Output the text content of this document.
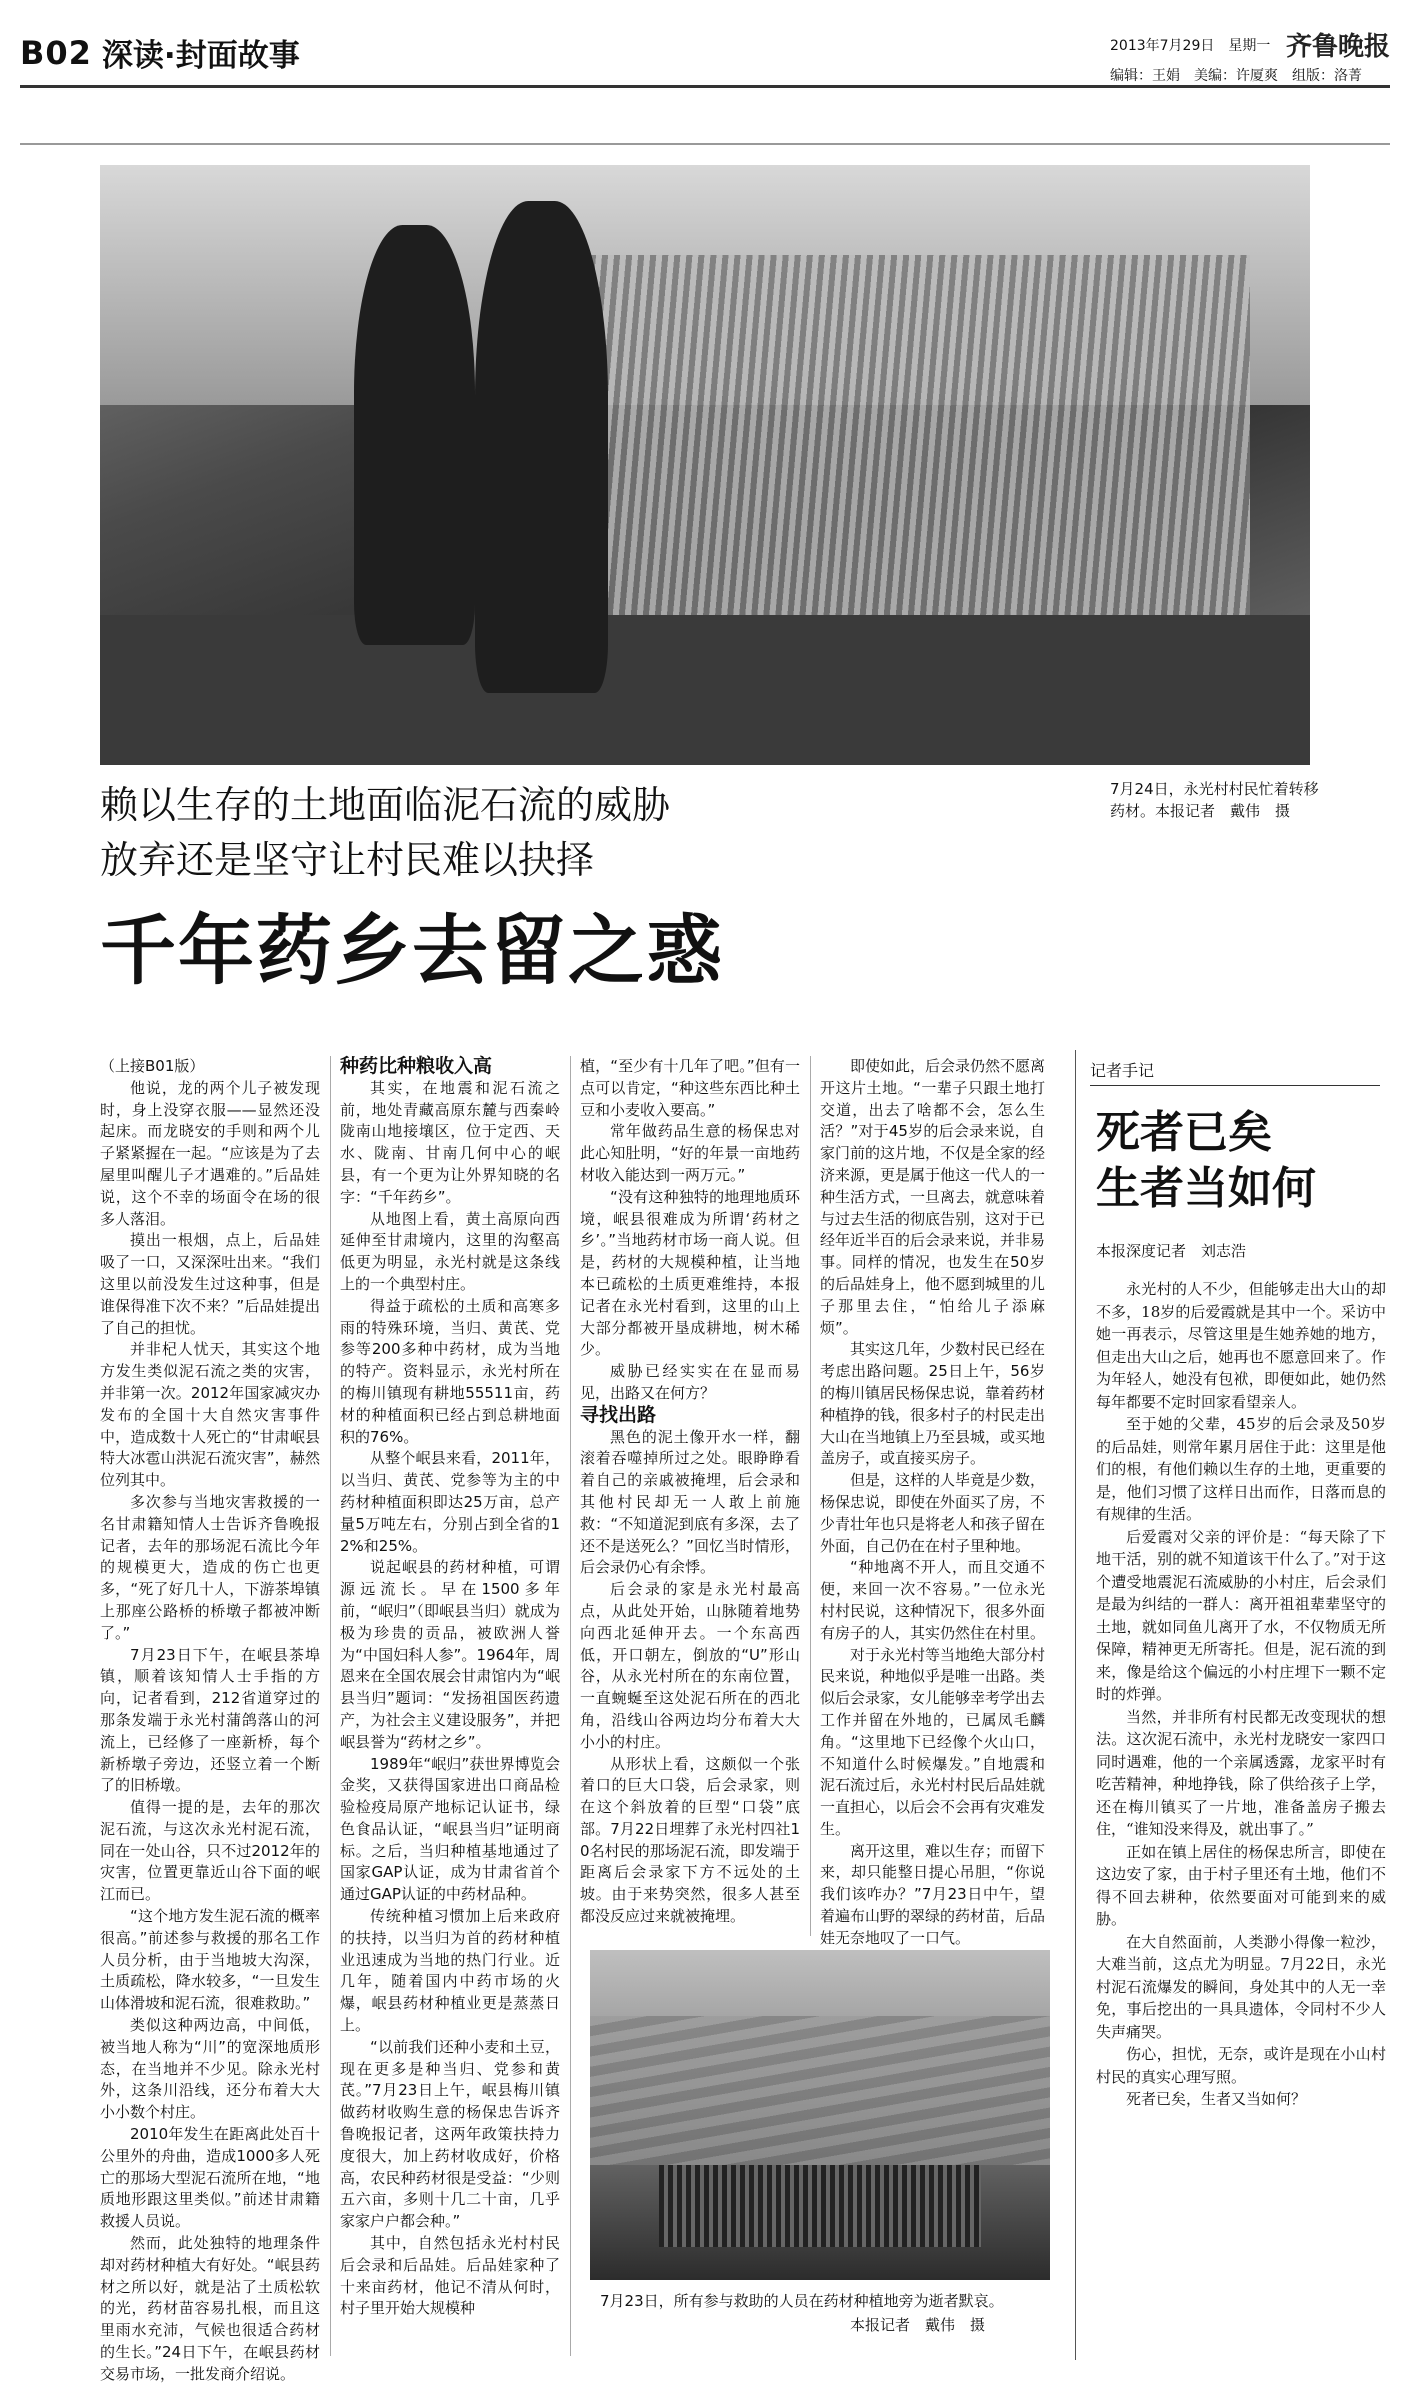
B02 深读·封面故事	2013年7月29日　星期一 齐鲁晚报
编辑：王娟　美编：许厦爽　组版：洛菁
7月24日，永光村村民忙着转移药材。本报记者　戴伟　摄
赖以生存的土地面临泥石流的威胁
放弃还是坚守让村民难以抉择
千年药乡去留之惑

（上接B01版）

他说，龙的两个儿子被发现时，身上没穿衣服——显然还没起床。而龙晓安的手则和两个儿子紧紧握在一起。“应该是为了去屋里叫醒儿子才遇难的。”后品娃说，这个不幸的场面令在场的很多人落泪。

摸出一根烟，点上，后品娃吸了一口，又深深吐出来。“我们这里以前没发生过这种事，但是谁保得准下次不来？”后品娃提出了自己的担忧。

并非杞人忧天，其实这个地方发生类似泥石流之类的灾害，并非第一次。2012年国家减灾办发布的全国十大自然灾害事件中，造成数十人死亡的“甘肃岷县特大冰雹山洪泥石流灾害”，赫然位列其中。

多次参与当地灾害救援的一名甘肃籍知情人士告诉齐鲁晚报记者，去年的那场泥石流比今年的规模更大，造成的伤亡也更多，“死了好几十人，下游茶埠镇上那座公路桥的桥墩子都被冲断了。”

7月23日下午，在岷县茶埠镇，顺着该知情人士手指的方向，记者看到，212省道穿过的那条发端于永光村蒲鸽落山的河流上，已经修了一座新桥，每个新桥墩子旁边，还竖立着一个断了的旧桥墩。

值得一提的是，去年的那次泥石流，与这次永光村泥石流，同在一处山谷，只不过2012年的灾害，位置更靠近山谷下面的岷江而已。

“这个地方发生泥石流的概率很高。”前述参与救援的那名工作人员分析，由于当地坡大沟深，土质疏松，降水较多，“一旦发生山体滑坡和泥石流，很难救助。”

类似这种两边高，中间低，被当地人称为“川”的宽深地质形态，在当地并不少见。除永光村外，这条川沿线，还分布着大大小小数个村庄。

2010年发生在距离此处百十公里外的舟曲，造成1000多人死亡的那场大型泥石流所在地，“地质地形跟这里类似。”前述甘肃籍救援人员说。

然而，此处独特的地理条件却对药材种植大有好处。“岷县药材之所以好，就是沾了土质松软的光，药材苗容易扎根，而且这里雨水充沛，气候也很适合药材的生长。”24日下午，在岷县药材交易市场，一批发商介绍说。

种药比种粮收入高

其实，在地震和泥石流之前，地处青藏高原东麓与西秦岭陇南山地接壤区，位于定西、天水、陇南、甘南几何中心的岷县，有一个更为让外界知晓的名字：“千年药乡”。

从地图上看，黄土高原向西延伸至甘肃境内，这里的沟壑高低更为明显，永光村就是这条线上的一个典型村庄。

得益于疏松的土质和高寒多雨的特殊环境，当归、黄芪、党参等200多种中药材，成为当地的特产。资料显示，永光村所在的梅川镇现有耕地55511亩，药材的种植面积已经占到总耕地面积的76%。

从整个岷县来看，2011年，以当归、黄芪、党参等为主的中药材种植面积即达25万亩，总产量5万吨左右，分别占到全省的12%和25%。

说起岷县的药材种植，可谓源远流长。早在1500多年前，“岷归”（即岷县当归）就成为极为珍贵的贡品，被欧洲人誉为“中国妇科人参”。1964年，周恩来在全国农展会甘肃馆内为“岷县当归”题词：“发扬祖国医药遗产，为社会主义建设服务”，并把岷县誉为“药材之乡”。

1989年“岷归”获世界博览会金奖，又获得国家进出口商品检验检疫局原产地标记认证书，绿色食品认证，“岷县当归”证明商标。之后，当归种植基地通过了国家GAP认证，成为甘肃省首个通过GAP认证的中药材品种。

传统种植习惯加上后来政府的扶持，以当归为首的药材种植业迅速成为当地的热门行业。近几年，随着国内中药市场的火爆，岷县药材种植业更是蒸蒸日上。

“以前我们还种小麦和土豆，现在更多是种当归、党参和黄芪。”7月23日上午，岷县梅川镇做药材收购生意的杨保忠告诉齐鲁晚报记者，这两年政策扶持力度很大，加上药材收成好，价格高，农民种药材很是受益：“少则五六亩，多则十几二十亩，几乎家家户户都会种。”

其中，自然包括永光村村民后会录和后品娃。后品娃家种了十来亩药材，他记不清从何时，村子里开始大规模种

植，“至少有十几年了吧。”但有一点可以肯定，“种这些东西比种土豆和小麦收入要高。”

常年做药品生意的杨保忠对此心知肚明，“好的年景一亩地药材收入能达到一两万元。”

“没有这种独特的地理地质环境，岷县很难成为所谓‘药材之乡’。”当地药材市场一商人说。但是，药材的大规模种植，让当地本已疏松的土质更难维持，本报记者在永光村看到，这里的山上大部分都被开垦成耕地，树木稀少。

威胁已经实实在在显而易见，出路又在何方？

寻找出路

黑色的泥土像开水一样，翻滚着吞噬掉所过之处。眼睁睁看着自己的亲戚被掩埋，后会录和其他村民却无一人敢上前施救：“不知道泥到底有多深，去了还不是送死么？”回忆当时情形，后会录仍心有余悸。

后会录的家是永光村最高点，从此处开始，山脉随着地势向西北延伸开去。一个东高西低，开口朝左，倒放的“U”形山谷，从永光村所在的东南位置，一直蜿蜒至这处泥石所在的西北角，沿线山谷两边均分布着大大小小的村庄。

从形状上看，这颇似一个张着口的巨大口袋，后会录家，则在这个斜放着的巨型“口袋”底部。7月22日埋葬了永光村四社10名村民的那场泥石流，即发端于距离后会录家下方不远处的土坡。由于来势突然，很多人甚至都没反应过来就被掩埋。

即使如此，后会录仍然不愿离开这片土地。“一辈子只跟土地打交道，出去了啥都不会，怎么生活？”对于45岁的后会录来说，自家门前的这片地，不仅是全家的经济来源，更是属于他这一代人的一种生活方式，一旦离去，就意味着与过去生活的彻底告别，这对于已经年近半百的后会录来说，并非易事。同样的情况，也发生在50岁的后品娃身上，他不愿到城里的儿子那里去住，“怕给儿子添麻烦”。

其实这几年，少数村民已经在考虑出路问题。25日上午，56岁的梅川镇居民杨保忠说，靠着药材种植挣的钱，很多村子的村民走出大山在当地镇上乃至县城，或买地盖房子，或直接买房子。

但是，这样的人毕竟是少数，杨保忠说，即使在外面买了房，不少青壮年也只是将老人和孩子留在外面，自己仍在在村子里种地。

“种地离不开人，而且交通不便，来回一次不容易。”一位永光村村民说，这种情况下，很多外面有房子的人，其实仍然住在村里。

对于永光村等当地绝大部分村民来说，种地似乎是唯一出路。类似后会录家，女儿能够幸考学出去工作并留在外地的，已属凤毛麟角。“这里地下已经像个火山口，不知道什么时候爆发。”自地震和泥石流过后，永光村村民后品娃就一直担心，以后会不会再有灾难发生。

离开这里，难以生存；而留下来，却只能整日提心吊胆，“你说我们该咋办？”7月23日中午，望着遍布山野的翠绿的药材苗，后品娃无奈地叹了一口气。

7月23日，所有参与救助的人员在药材种植地旁为逝者默哀。
本报记者　戴伟　摄
记者手记
死者已矣
生者当如何
本报深度记者　刘志浩

永光村的人不少，但能够走出大山的却不多，18岁的后爱霞就是其中一个。采访中她一再表示，尽管这里是生她养她的地方，但走出大山之后，她再也不愿意回来了。作为年轻人，她没有包袱，即便如此，她仍然每年都要不定时回家看望亲人。

至于她的父辈，45岁的后会录及50岁的后品娃，则常年累月居住于此：这里是他们的根，有他们赖以生存的土地，更重要的是，他们习惯了这样日出而作，日落而息的有规律的生活。

后爱霞对父亲的评价是：“每天除了下地干活，别的就不知道该干什么了。”对于这个遭受地震泥石流威胁的小村庄，后会录们是最为纠结的一群人：离开祖祖辈辈坚守的土地，就如同鱼儿离开了水，不仅物质无所保障，精神更无所寄托。但是，泥石流的到来，像是给这个偏远的小村庄埋下一颗不定时的炸弹。

当然，并非所有村民都无改变现状的想法。这次泥石流中，永光村龙晓安一家四口同时遇难，他的一个亲属透露，龙家平时有吃苦精神，种地挣钱，除了供给孩子上学，还在梅川镇买了一片地，准备盖房子搬去住，“谁知没来得及，就出事了。”

正如在镇上居住的杨保忠所言，即使在这边安了家，由于村子里还有土地，他们不得不回去耕种，依然要面对可能到来的威胁。

在大自然面前，人类渺小得像一粒沙，大难当前，这点尤为明显。7月22日，永光村泥石流爆发的瞬间，身处其中的人无一幸免，事后挖出的一具具遗体，令同村不少人失声痛哭。

伤心，担忧，无奈，或许是现在小山村村民的真实心理写照。

死者已矣，生者又当如何？
